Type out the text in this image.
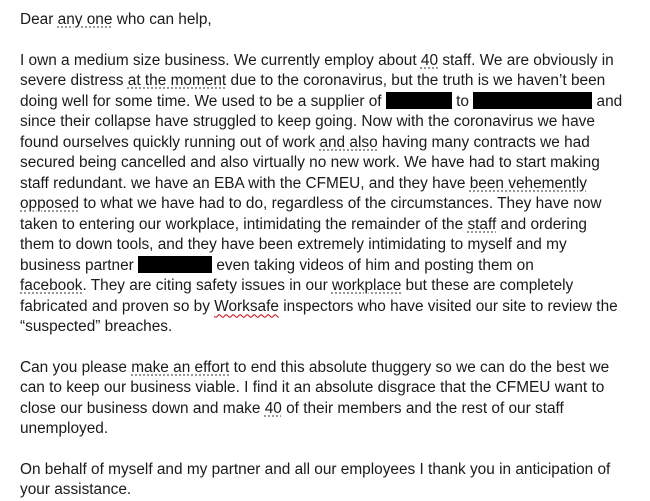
Dear any one who can help,
I own a medium size business. We currently employ about 40 staff. We are obviously in
severe distress at the moment due to the coronavirus, but the truth is we haven’t been
doing well for some time. We used to be a supplier of	to	and
since their collapse have struggled to keep going. Now with the coronavirus we have
found ourselves quickly running out of work and also having many contracts we had
secured being cancelled and also virtually no new work. We have had to start making
staff redundant. we have an EBA with the CFMEU, and they have been vehemently
opposed to what we have had to do, regardless of the circumstances. They have now
taken to entering our workplace, intimidating the remainder of the staff and ordering
them to down tools, and they have been extremely intimidating to myself and my
business partner	even taking videos of him and posting them on
facebook. They are citing safety issues in our workplace but these are completely
fabricated and proven so by Worksafe inspectors who have visited our site to review the
“suspected” breaches.
Can you please make an effort to end this absolute thuggery so we can do the best we
can to keep our business viable. I find it an absolute disgrace that the CFMEU want to
close our business down and make 40 of their members and the rest of our staff
unemployed.
On behalf of myself and my partner and all our employees I thank you in anticipation of
your assistance.
